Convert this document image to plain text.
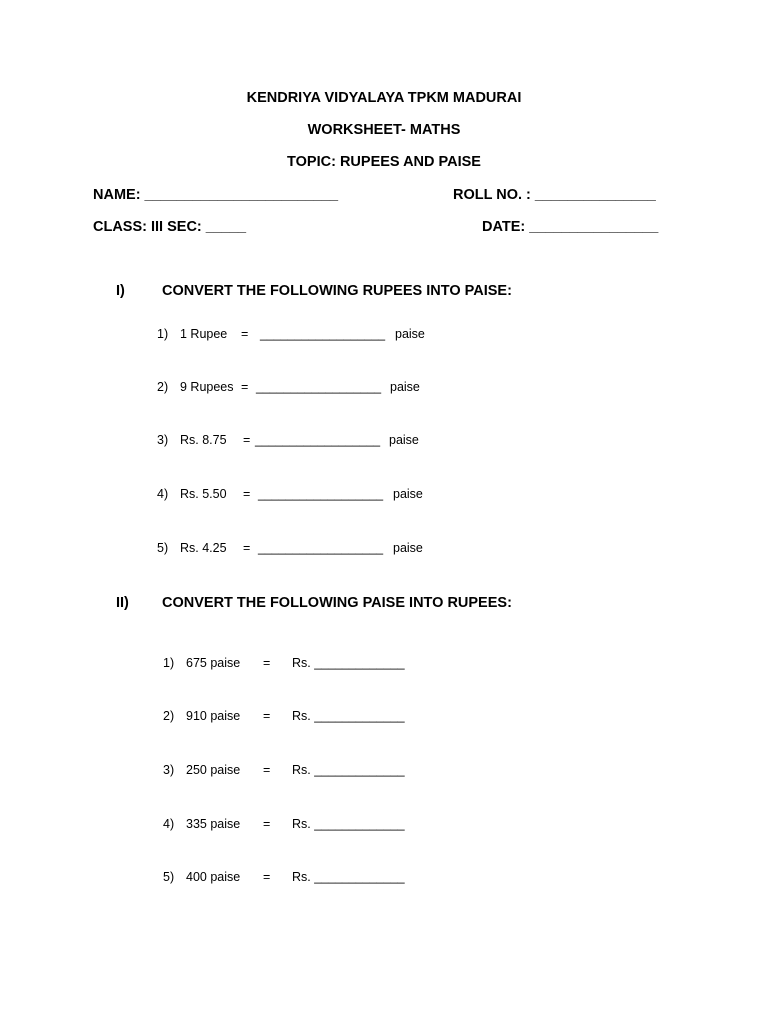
KENDRIYA VIDYALAYA TPKM MADURAI
WORKSHEET- MATHS
TOPIC: RUPEES AND PAISE
NAME: ________________________	ROLL NO. : _______________
CLASS: III SEC: _____	DATE: ________________
I)	CONVERT THE FOLLOWING RUPEES INTO PAISE:
1) 1 Rupee = __________________ paise
2) 9 Rupees = __________________ paise
3) Rs. 8.75 = __________________ paise
4) Rs. 5.50 = __________________ paise
5) Rs. 4.25 = __________________ paise
II) CONVERT THE FOLLOWING PAISE INTO RUPEES:
1) 675 paise = Rs. _____________
2) 910 paise = Rs. _____________
3) 250 paise = Rs. _____________
4) 335 paise = Rs. _____________
5) 400 paise = Rs. _____________
